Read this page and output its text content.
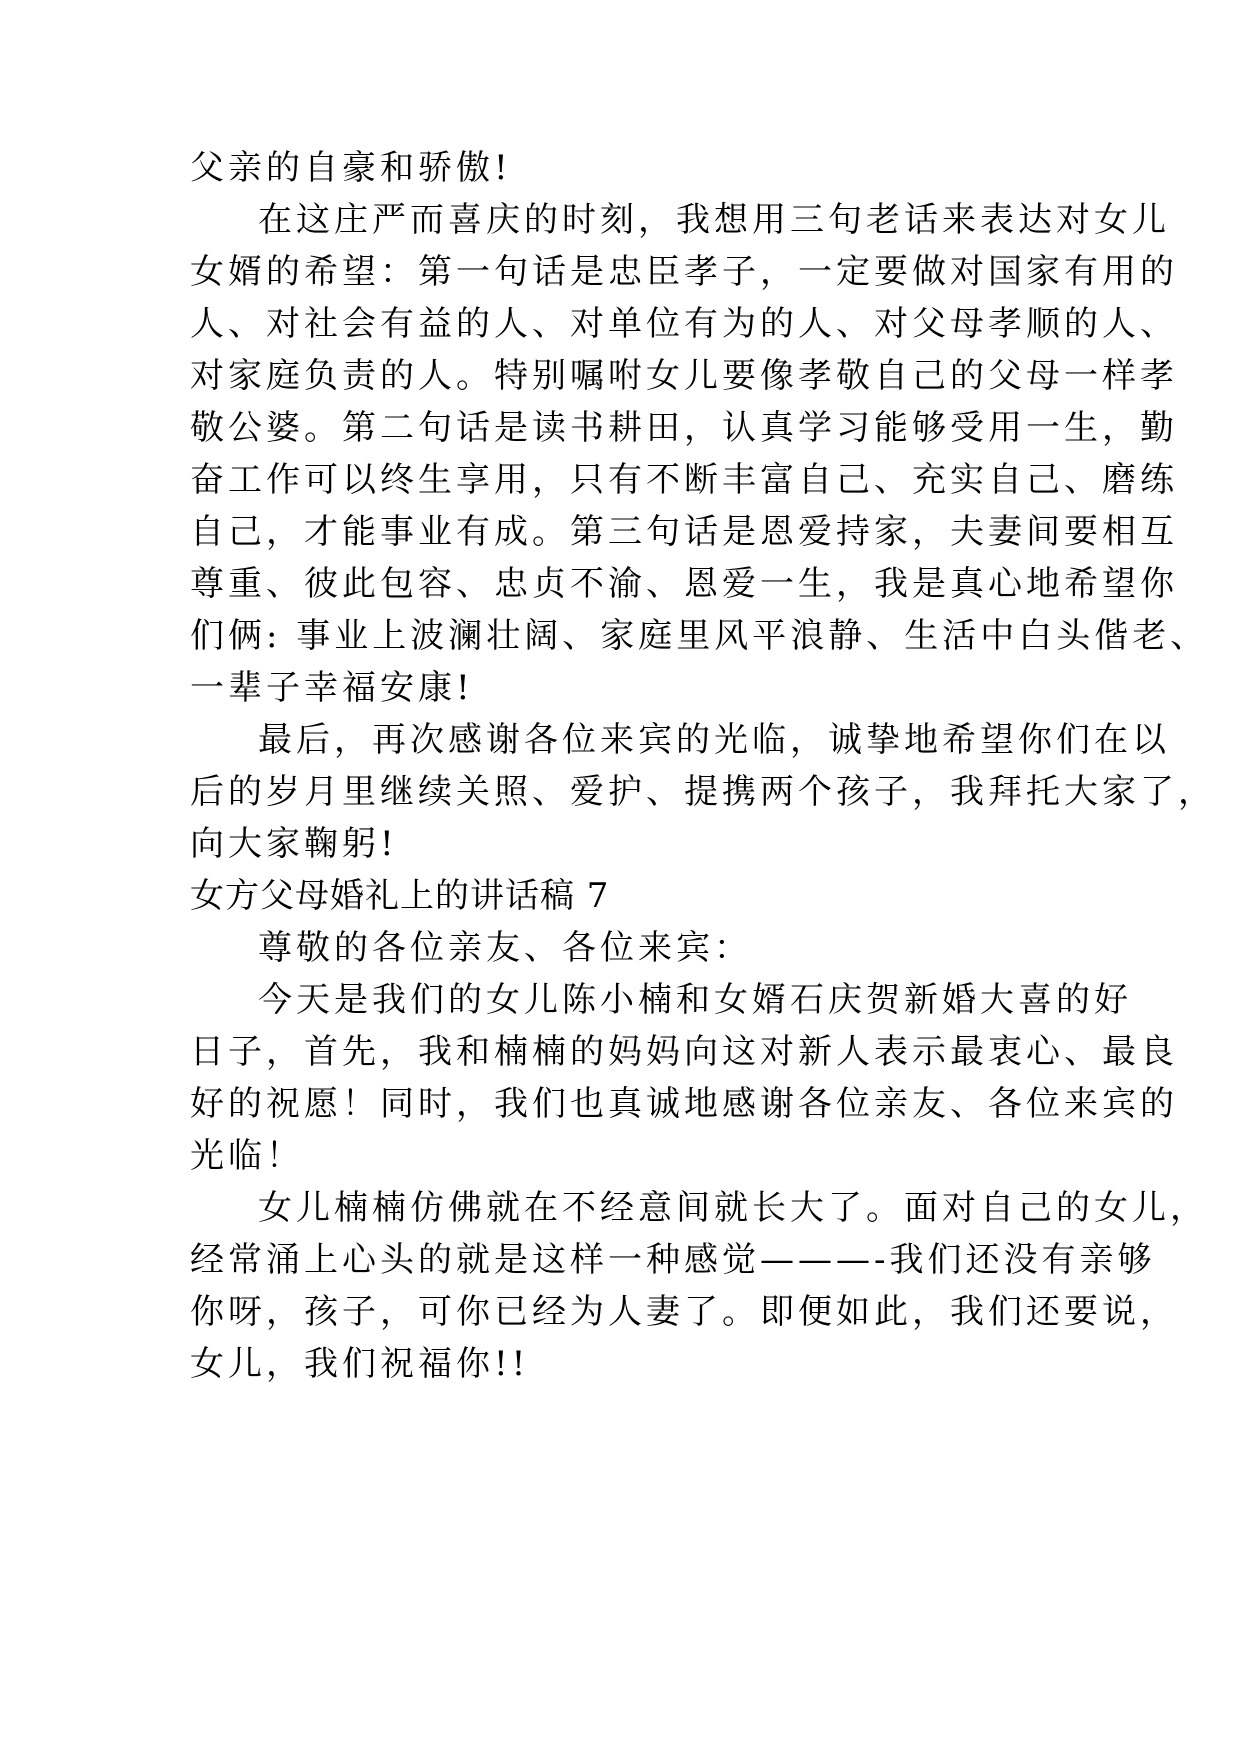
父亲的自豪和骄傲!
在这庄严而喜庆的时刻，我想用三句老话来表达对女儿
女婿的希望：第一句话是忠臣孝子，一定要做对国家有用的
人、对社会有益的人、对单位有为的人、对父母孝顺的人、
对家庭负责的人。特别嘱咐女儿要像孝敬自己的父母一样孝
敬公婆。第二句话是读书耕田，认真学习能够受用一生，勤
奋工作可以终生享用，只有不断丰富自己、充实自己、磨练
自己，才能事业有成。第三句话是恩爱持家，夫妻间要相互
尊重、彼此包容、忠贞不渝、恩爱一生，我是真心地希望你
们俩: 事业上波澜壮阔、家庭里风平浪静、生活中白头偕老、
一辈子幸福安康!
最后，再次感谢各位来宾的光临，诚挚地希望你们在以
后的岁月里继续关照、爱护、提携两个孩子，我拜托大家了，
向大家鞠躬!
女方父母婚礼上的讲话稿 7
尊敬的各位亲友、各位来宾：
今天是我们的女儿陈小楠和女婿石庆贺新婚大喜的好
日子，首先，我和楠楠的妈妈向这对新人表示最衷心、最良
好的祝愿！同时，我们也真诚地感谢各位亲友、各位来宾的
光临！
女儿楠楠仿佛就在不经意间就长大了。面对自己的女儿，
经常涌上心头的就是这样一种感觉———-我们还没有亲够
你呀，孩子，可你已经为人妻了。即便如此，我们还要说，
女儿，我们祝福你!!
